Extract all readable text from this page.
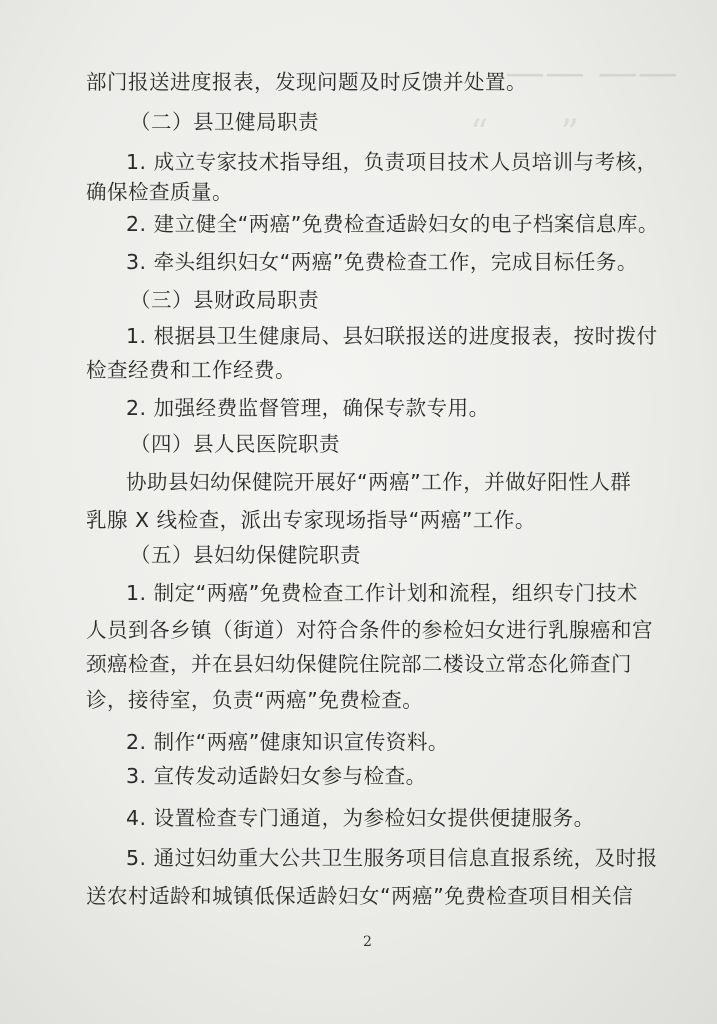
—— ——
“　　”
部门报送进度报表，发现问题及时反馈并处置。
（二）县卫健局职责
1. 成立专家技术指导组，负责项目技术人员培训与考核，
确保检查质量。
2. 建立健全“两癌”免费检查适龄妇女的电子档案信息库。
3. 牵头组织妇女“两癌”免费检查工作，完成目标任务。
（三）县财政局职责
1. 根据县卫生健康局、县妇联报送的进度报表，按时拨付
检查经费和工作经费。
2. 加强经费监督管理，确保专款专用。
（四）县人民医院职责
协助县妇幼保健院开展好“两癌”工作，并做好阳性人群
乳腺 X 线检查，派出专家现场指导“两癌”工作。
（五）县妇幼保健院职责
1. 制定“两癌”免费检查工作计划和流程，组织专门技术
人员到各乡镇（街道）对符合条件的参检妇女进行乳腺癌和宫
颈癌检查，并在县妇幼保健院住院部二楼设立常态化筛查门
诊，接待室，负责“两癌”免费检查。
2. 制作“两癌”健康知识宣传资料。
3. 宣传发动适龄妇女参与检查。
4. 设置检查专门通道，为参检妇女提供便捷服务。
5. 通过妇幼重大公共卫生服务项目信息直报系统，及时报
送农村适龄和城镇低保适龄妇女“两癌”免费检查项目相关信
2
